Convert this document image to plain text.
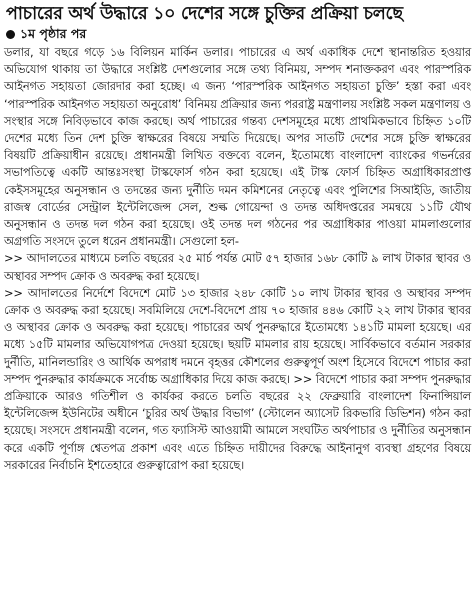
পাচারের অর্থ উদ্ধারে ১০ দেশের সঙ্গে চুক্তির প্রক্রিয়া চলছে
১ম পৃষ্ঠার পর

ডলার, যা বছরে গড়ে ১৬ বিলিয়ন মার্কিন ডলার। পাচারের এ অর্থ একাধিক দেশে স্থানান্তরিত হওয়ার অভিযোগ থাকায় তা উদ্ধারে সংশ্লিষ্ট দেশগুলোর সঙ্গে তথ্য বিনিময়, সম্পদ শনাক্তকরণ এবং পারস্পরিক আইনগত সহায়তা জোরদার করা হচ্ছে। এ জন্য ‘পারস্পরিক আইনগত সহায়তা চুক্তি’ হস্তা করা এবং ‘পারস্পরিক আইনগত সহায়তা অনুরোধ’ বিনিময় প্রক্রিয়ার জন্য পররাষ্ট্র মন্ত্রণালয় সংশ্লিষ্ট সকল মন্ত্রণালয় ও সংস্থার সঙ্গে নিবিড়ভাবে কাজ করছে। অর্থ পাচারের গন্তব্য দেশসমূহের মধ্যে প্রাথমিকভাবে চিহ্নিত ১০টি দেশের মধ্যে তিন দেশ চুক্তি স্বাক্ষরের বিষয়ে সম্মতি দিয়েছে। অপর সাতটি দেশের সঙ্গে চুক্তি স্বাক্ষরের বিষয়টি প্রক্রিয়াধীন রয়েছে। প্রধানমন্ত্রী লিখিত বক্তব্যে বলেন, ইতোমধ্যে বাংলাদেশ ব্যাংকের গভর্নরের সভাপতিত্বে একটি আন্তঃসংস্থা টাস্কফোর্স গঠন করা হয়েছে। এই টাস্ক ফোর্স চিহ্নিত অগ্রাধিকারপ্রাপ্ত কেইসসমূহের অনুসন্ধান ও তদন্তের জন্য দুর্নীতি দমন কমিশনের নেতৃত্বে এবং পুলিশের সিআইডি, জাতীয় রাজস্ব বোর্ডের সেন্ট্রাল ইন্টেলিজেন্স সেল, শুল্ক গোয়েন্দা ও তদন্ত অধিদপ্তরের সমন্বয়ে ১১টি যৌথ অনুসন্ধান ও তদন্ত দল গঠন করা হয়েছে। ওই তদন্ত দল গঠনের পর অগ্রাধিকার পাওয়া মামলাগুলোর অগ্রগতি সংসদে তুলে ধরেন প্রধানমন্ত্রী। সেগুলো হল-

>> আদালতের মাধ্যমে চলতি বছরের ২৫ মার্চ পর্যন্ত মোট ৫৭ হাজার ১৬৮ কোটি ৯ লাখ টাকার স্থাবর ও অস্থাবর সম্পদ ক্রোক ও অবরুদ্ধ করা হয়েছে।

>> আদালতের নির্দেশে বিদেশে মোট ১৩ হাজার ২৪৮ কোটি ১০ লাখ টাকার স্থাবর ও অস্থাবর সম্পদ ক্রোক ও অবরুদ্ধ করা হয়েছে। সবমিলিয়ে দেশে-বিদেশে প্রায় ৭০ হাজার ৪৪৬ কোটি ২২ লাখ টাকার স্থাবর ও অস্থাবর ক্রোক ও অবরুদ্ধ করা হয়েছে। পাচারের অর্থ পুনরুদ্ধারে ইতোমধ্যে ১৪১টি মামলা হয়েছে। এর মধ্যে ১৫টি মামলার অভিযোগপত্র দেওয়া হয়েছে। ছয়টি মামলার রায় হয়েছে। সার্বিকভাবে বর্তমান সরকার দুর্নীতি, মানিলন্ডারিং ও আর্থিক অপরাধ দমনে বৃহত্তর কৌশলের গুরুত্বপূর্ণ অংশ হিসেবে বিদেশে পাচার করা সম্পদ পুনরুদ্ধার কার্যক্রমকে সর্বোচ্চ অগ্রাধিকার দিয়ে কাজ করছে। >> বিদেশে পাচার করা সম্পদ পুনরুদ্ধার প্রক্রিয়াকে আরও গতিশীল ও কার্যকর করতে চলতি বছরের ২২ ফেব্রুয়ারি বাংলাদেশ ফিনান্সিয়াল ইন্টেলিজেন্স ইউনিটের অধীনে ‘চুরির অর্থ উদ্ধার বিভাগ’ (স্টোলেন অ্যাসেট রিকভারি ডিভিশন) গঠন করা হয়েছে। সংসদে প্রধানমন্ত্রী বলেন, গত ফ্যাসিস্ট আওয়ামী আমলে সংঘটিত অর্থপাচার ও দুর্নীতির অনুসন্ধান করে একটি পূর্ণাঙ্গ শ্বেতপত্র প্রকাশ এবং এতে চিহ্নিত দায়ীদের বিরুদ্ধে আইনানুগ ব্যবস্থা গ্রহণের বিষয়ে সরকারের নির্বাচনি ইশতেহারে গুরুত্বারোপ করা হয়েছে।
